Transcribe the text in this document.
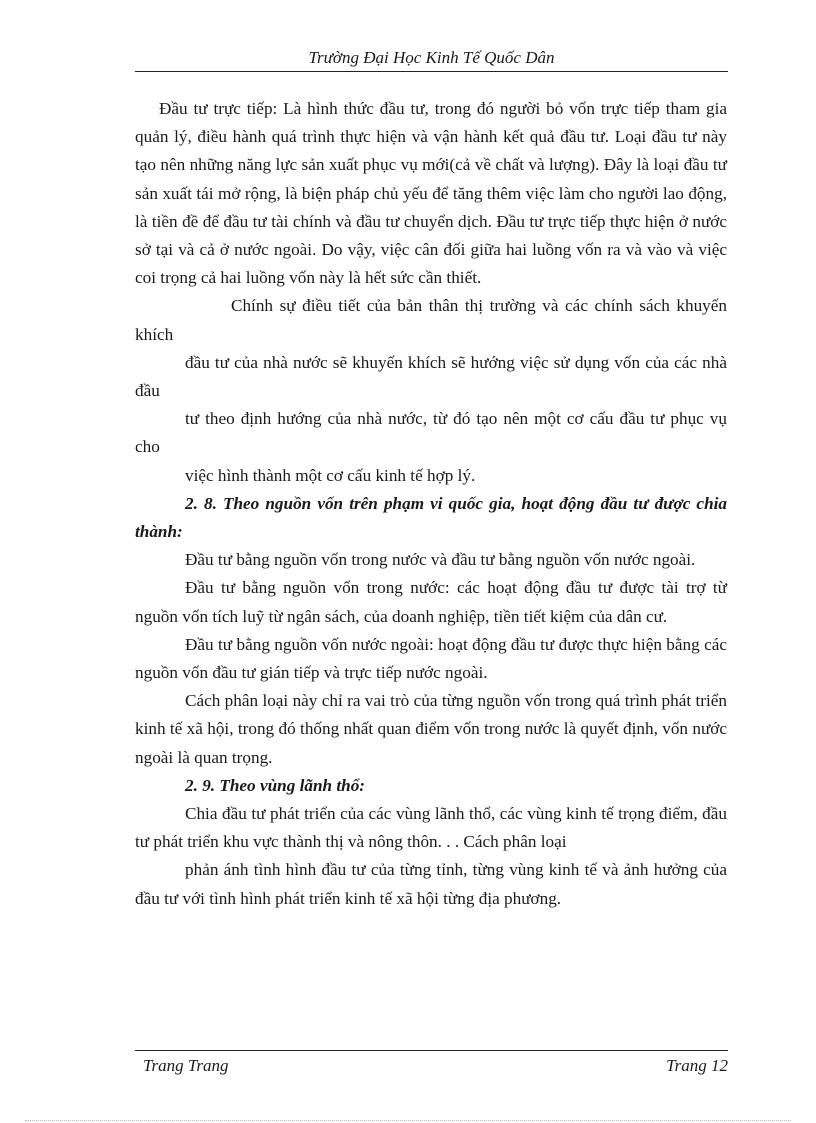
Trường Đại Học Kinh Tế Quốc Dân

Đầu tư trực tiếp: Là hình thức đầu tư, trong đó người bỏ vốn trực tiếp tham gia quản lý, điều hành quá trình thực hiện và vận hành kết quả đầu tư. Loại đầu tư này tạo nên những năng lực sản xuất phục vụ mới(cả về chất và lượng). Đây là loại đầu tư sản xuất tái mở rộng, là biện pháp chủ yếu để tăng thêm việc làm cho người lao động, là tiền đề để đầu tư tài chính và đầu tư chuyển dịch. Đầu tư trực tiếp thực hiện ở nước sở tại và cả ở nước ngoài. Do vậy, việc cân đối giữa hai luồng vốn ra và vào và việc coi trọng cả hai luồng vốn này là hết sức cần thiết.

Chính sự điều tiết của bản thân thị trường và các chính sách khuyến khích

đầu tư của nhà nước sẽ khuyến khích sẽ hướng việc sử dụng vốn của các nhà đầu

tư theo định hướng của nhà nước, từ đó tạo nên một cơ cấu đầu tư phục vụ cho

việc hình thành một cơ cấu kinh tế hợp lý.

2. 8. Theo nguồn vốn trên phạm vi quốc gia, hoạt động đầu tư được chia thành:

Đầu tư bằng nguồn vốn trong nước và đầu tư bằng nguồn vốn nước ngoài.

Đầu tư bằng nguồn vốn trong nước: các hoạt động đầu tư được tài trợ từ nguồn vốn tích luỹ từ ngân sách, của doanh nghiệp, tiền tiết kiệm của dân cư.

Đầu tư bằng nguồn vốn nước ngoài: hoạt động đầu tư được thực hiện bằng các nguồn vốn đầu tư gián tiếp và trực tiếp nước ngoài.

Cách phân loại này chỉ ra vai trò của từng nguồn vốn trong quá trình phát triển kinh tế xã hội, trong đó thống nhất quan điểm vốn trong nước là quyết định, vốn nước ngoài là quan trọng.

2. 9. Theo vùng lãnh thổ:

Chia đầu tư phát triển của các vùng lãnh thổ, các vùng kinh tế trọng điểm, đầu tư phát triển khu vực thành thị và nông thôn. . . Cách phân loại

phản ánh tình hình đầu tư của từng tỉnh, từng vùng kinh tế và ảnh hưởng của đầu tư với tình hình phát triển kinh tế xã hội từng địa phương.

Trang Trang	Trang 12
